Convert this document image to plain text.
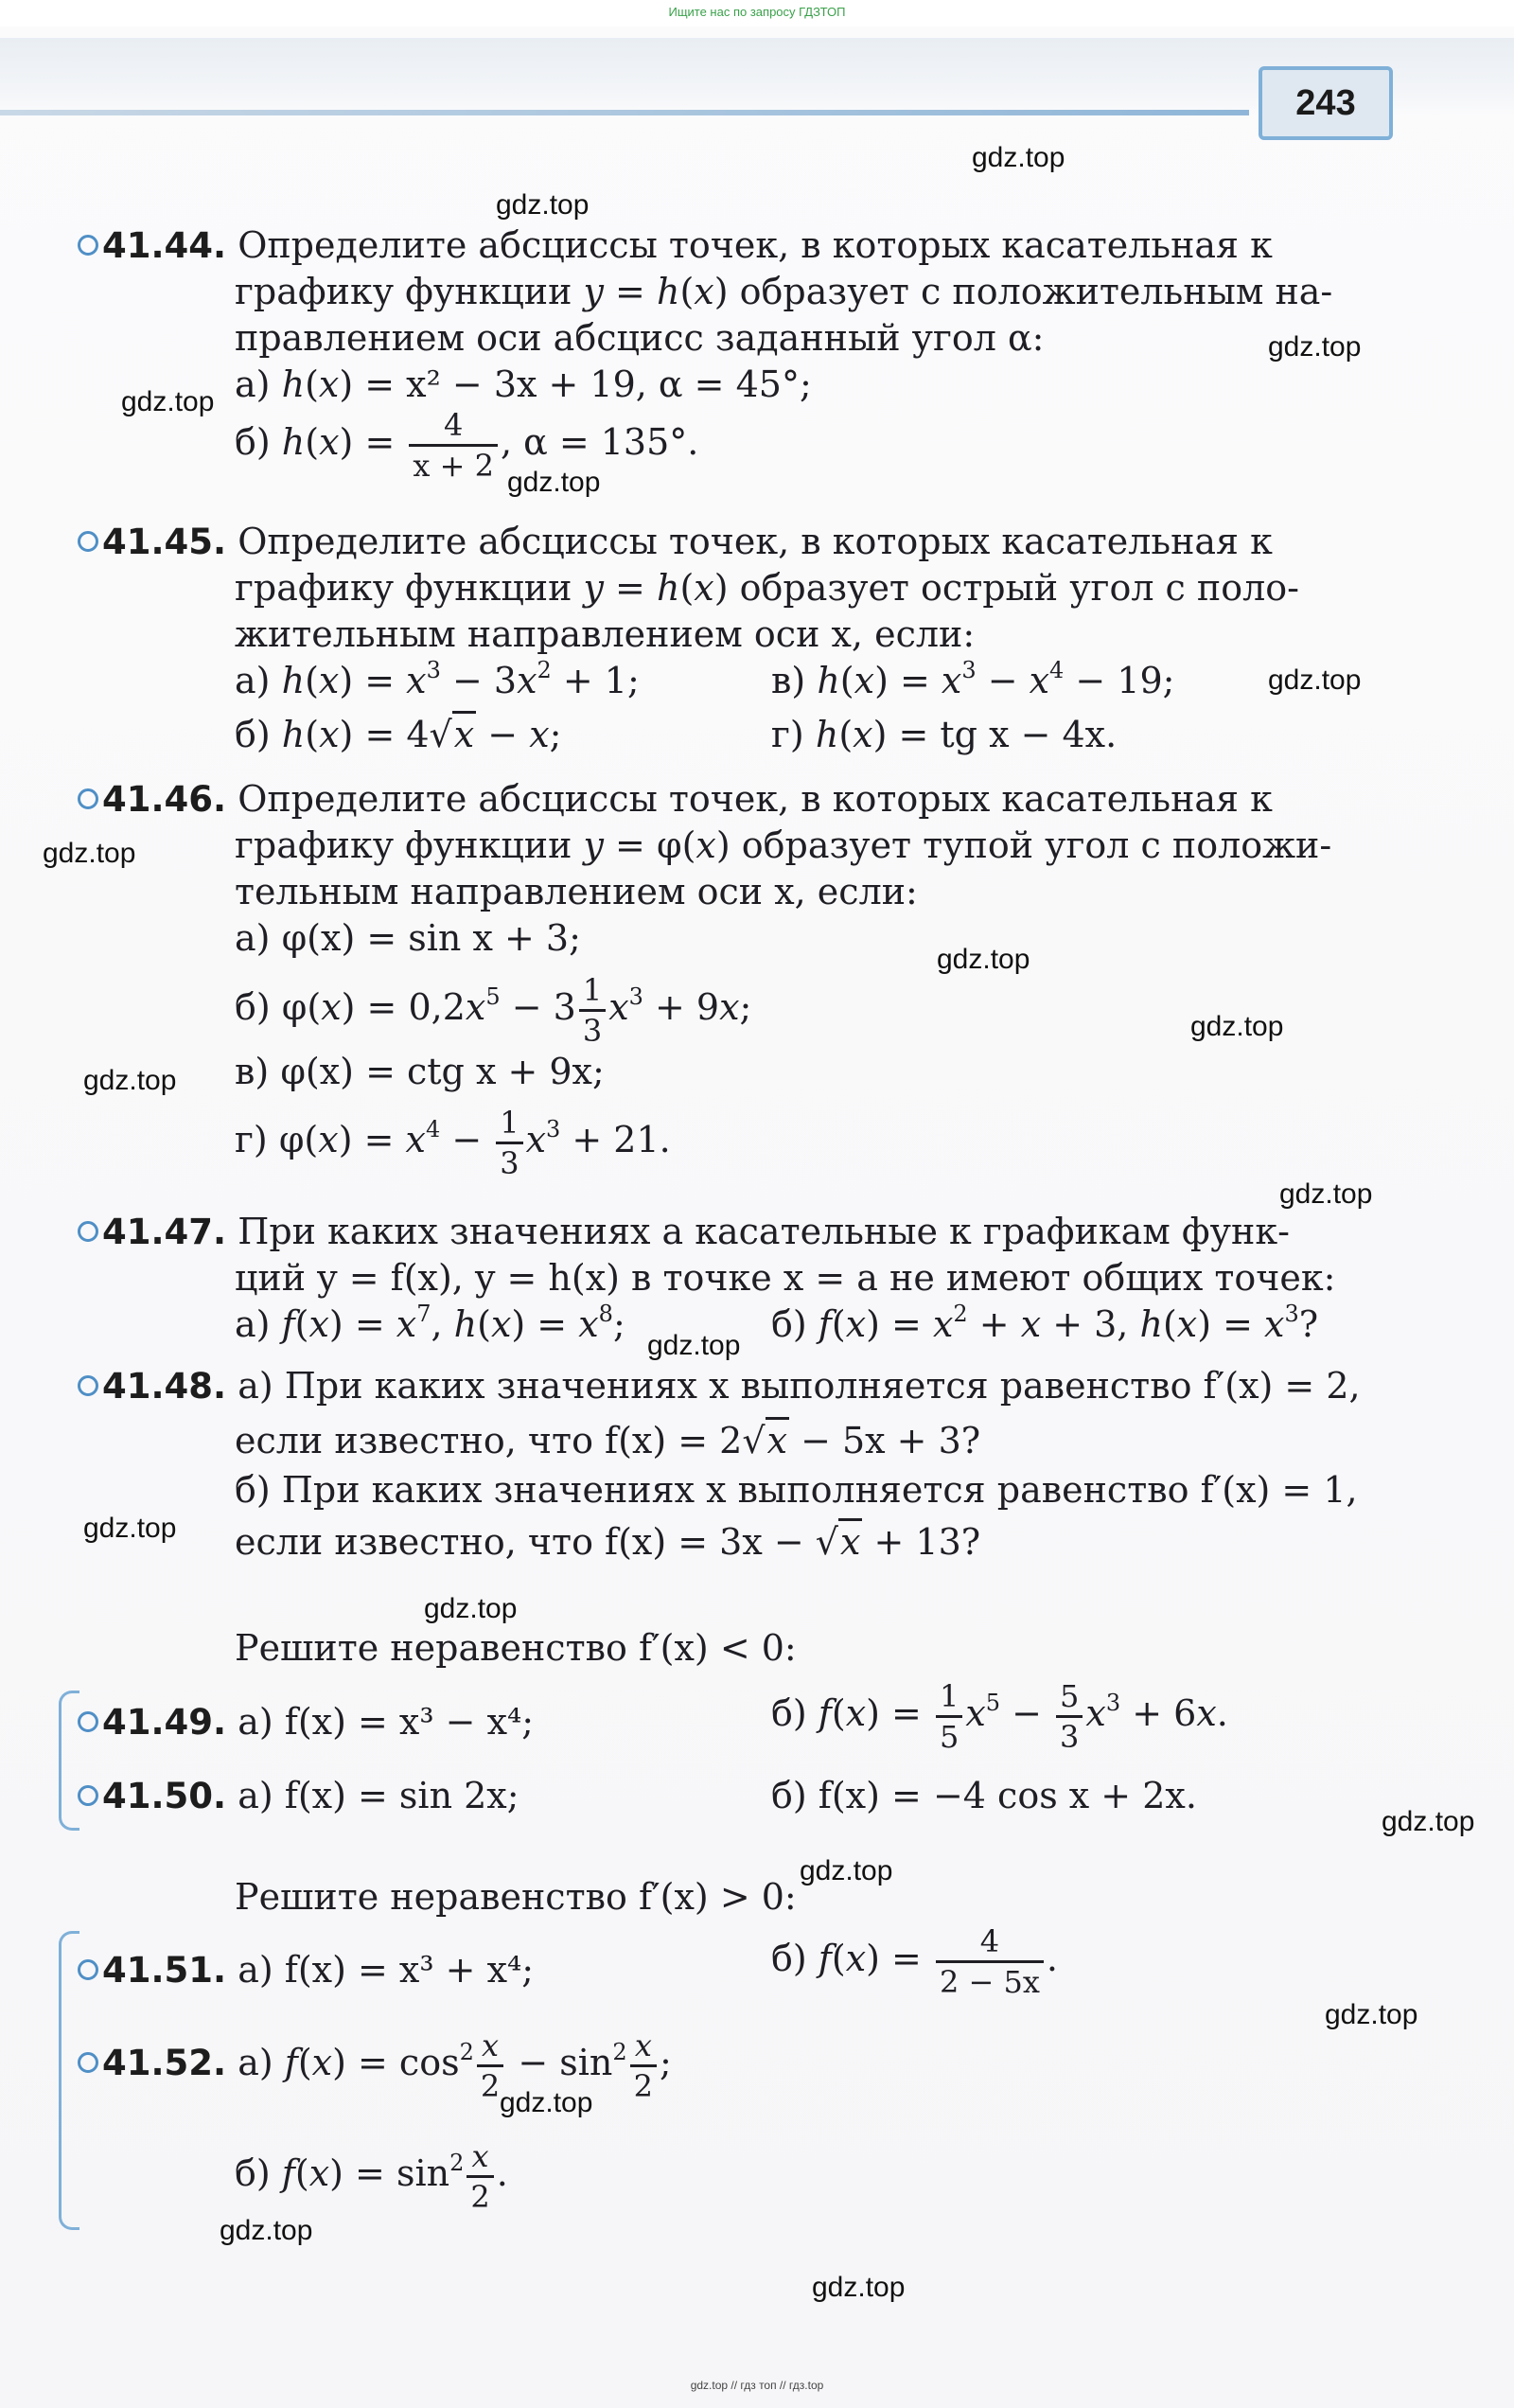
Ищите нас по запросу ГДЗТОП
243
gdz.top
gdz.top
gdz.top
gdz.top
gdz.top
gdz.top
gdz.top
gdz.top
gdz.top
gdz.top
gdz.top
gdz.top
gdz.top
gdz.top
gdz.top
gdz.top
gdz.top
gdz.top
gdz.top
gdz.top
41.44. Определите абсциссы точек, в которых касательная к
графику функции y = h(x) образует с положительным на-
правлением оси абсцисс заданный угол α:
а) h(x) = x² − 3x + 19, α = 45°;
б) $h(x) = \frac{4}{x + 2}$ , α = 135°.
41.45. Определите абсциссы точек, в которых касательная к
графику функции y = h(x) образует острый угол с поло-
жительным направлением оси x, если:
а) $h(x) = x^3 - 3x^2 + 1$;	в) $h(x) = x^3 - x^4 - 19$;
б) h(x) = 4√x − x;	г) h(x) = tg x − 4x.
41.46. Определите абсциссы точек, в которых касательная к
графику функции y = φ(x) образует тупой угол с положи-
тельным направлением оси x, если:
а) φ(x) = sin x + 3;
б) $\varphi(x) = 0,2x^5 - 3 \frac{1}{3} x^3 + 9x$;
в) φ(x) = ctg x + 9x;
г) $\varphi(x) = x^4 - \frac{1}{3} x^3 + 21$.
41.47. При каких значениях a касательные к графикам функ-
ций y = f(x), y = h(x) в точке x = a не имеют общих точек:
а) $f(x) = x^7$, $h(x) = x^8$;	б) $f(x) = x^2 + x + 3$, $h(x) = x^3$?
41.48. а) При каких значениях x выполняется равенство f′(x) = 2,
если известно, что f(x) = 2√x − 5x + 3?
б) При каких значениях x выполняется равенство f′(x) = 1,
если известно, что f(x) = 3x − √x + 13?
Решите неравенство f′(x) < 0:
41.49. а) f(x) = x³ − x⁴;	б) $f(x) = \frac{1}{5} x^5 - \frac{5}{3} x^3 + 6x$.
41.50. а) f(x) = sin 2x;	б) f(x) = −4 cos x + 2x.
Решите неравенство f′(x) > 0:
41.51. а) f(x) = x³ + x⁴;	б) $f(x) = \frac{4}{2 - 5x}$ .
41.52. а) $f(x) = \cos^2 \frac{x}{2} - \sin^2 \frac{x}{2}$ ;
б) $f(x) = \sin^2 \frac{x}{2}$ .
gdz.top // гдз топ // гдз.top
